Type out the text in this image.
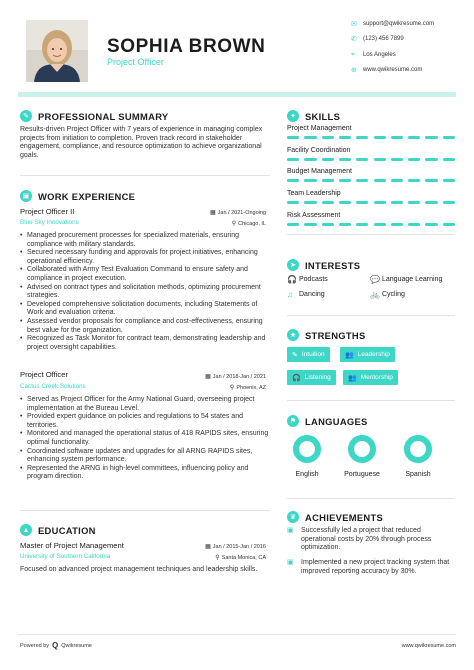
SOPHIA BROWN
Project Officer
✉	support@qwikresume.com
✆	(123) 456 7899
⌖	Los Angeles
⊕	www.qwikresume.com
✎ PROFESSIONAL SUMMARY
Results-driven Project Officer with 7 years of experience in managing complex projects from initiation to completion. Proven track record in stakeholder engagement, compliance, and resource optimization to achieve organizational goals.
▣ WORK EXPERIENCE
Project Officer II	▦ Jan / 2021-Ongoing
Blue Sky Innovations	⚲ Chicago, IL
• Managed procurement processes for specialized materials, ensuring compliance with military standards.
• Secured necessary funding and approvals for project initiatives, enhancing operational efficiency.
• Collaborated with Army Test Evaluation Command to ensure safety and compliance in project execution.
• Advised on contract types and solicitation methods, optimizing procurement strategies.
• Developed comprehensive solicitation documents, including Statements of Work and evaluation criteria.
• Assessed vendor proposals for compliance and cost-effectiveness, ensuring best value for the organization.
• Recognized as Task Monitor for contract team, demonstrating leadership and project oversight capabilities.
Project Officer	▦ Jan / 2018-Jan / 2021
Cactus Creek Solutions	⚲ Phoenix, AZ
• Served as Project Officer for the Army National Guard, overseeing project implementation at the Bureau Level.
• Provided expert guidance on policies and regulations to 54 states and territories.
• Monitored and managed the operational status of 418 RAPIDS sites, ensuring optimal functionality.
• Coordinated software updates and upgrades for all ARNG RAPIDS sites, enhancing system performance.
• Represented the ARNG in high-level committees, influencing policy and program direction.
▲ EDUCATION
Master of Project Management	▦ Jan / 2015-Jan / 2016
University of Southern California	⚲ Santa Monica, CA
Focused on advanced project management techniques and leadership skills.
✦ SKILLS
Project Management
Facility Coordination
Budget Management
Team Leadership
Risk Assessment
➤ INTERESTS
🎧 Podcasts	💬 Language Learning
♫ Dancing	🚲 Cycling
★ STRENGTHS
✎ Intuition	👥 Leadership
🎧 Listening 👥 Mentorship
⚑ LANGUAGES
English	Portuguese	Spanish
♛ ACHIEVEMENTS
▣ Successfully led a project that reduced operational costs by 20% through process optimization.
▣ Implemented a new project tracking system that improved reporting accuracy by 30%.
Powered by Q Qwikresume	www.qwikresume.com
